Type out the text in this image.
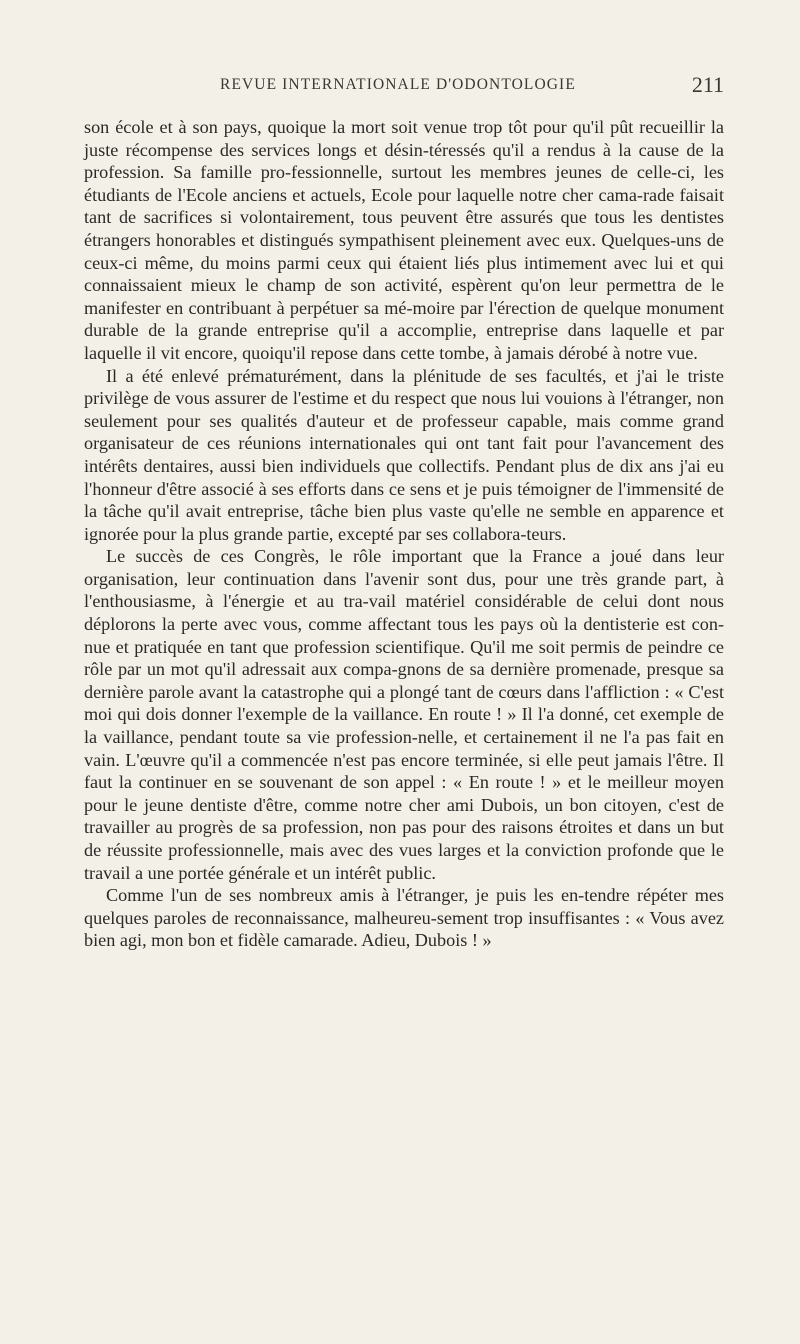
REVUE INTERNATIONALE D'ODONTOLOGIE	211

son école et à son pays, quoique la mort soit venue trop tôt pour qu'il pût recueillir la juste récompense des services longs et désin-téressés qu'il a rendus à la cause de la profession. Sa famille pro-fessionnelle, surtout les membres jeunes de celle-ci, les étudiants de l'Ecole anciens et actuels, Ecole pour laquelle notre cher cama-rade faisait tant de sacrifices si volontairement, tous peuvent être assurés que tous les dentistes étrangers honorables et distingués sympathisent pleinement avec eux. Quelques-uns de ceux-ci même, du moins parmi ceux qui étaient liés plus intimement avec lui et qui connaissaient mieux le champ de son activité, espèrent qu'on leur permettra de le manifester en contribuant à perpétuer sa mé-moire par l'érection de quelque monument durable de la grande entreprise qu'il a accomplie, entreprise dans laquelle et par laquelle il vit encore, quoiqu'il repose dans cette tombe, à jamais dérobé à notre vue.

Il a été enlevé prématurément, dans la plénitude de ses facultés, et j'ai le triste privilège de vous assurer de l'estime et du respect que nous lui vouions à l'étranger, non seulement pour ses qualités d'auteur et de professeur capable, mais comme grand organisateur de ces réunions internationales qui ont tant fait pour l'avancement des intérêts dentaires, aussi bien individuels que collectifs. Pendant plus de dix ans j'ai eu l'honneur d'être associé à ses efforts dans ce sens et je puis témoigner de l'immensité de la tâche qu'il avait entreprise, tâche bien plus vaste qu'elle ne semble en apparence et ignorée pour la plus grande partie, excepté par ses collabora-teurs.

Le succès de ces Congrès, le rôle important que la France a joué dans leur organisation, leur continuation dans l'avenir sont dus, pour une très grande part, à l'enthousiasme, à l'énergie et au tra-vail matériel considérable de celui dont nous déplorons la perte avec vous, comme affectant tous les pays où la dentisterie est con-nue et pratiquée en tant que profession scientifique. Qu'il me soit permis de peindre ce rôle par un mot qu'il adressait aux compa-gnons de sa dernière promenade, presque sa dernière parole avant la catastrophe qui a plongé tant de cœurs dans l'affliction : « C'est moi qui dois donner l'exemple de la vaillance. En route ! » Il l'a donné, cet exemple de la vaillance, pendant toute sa vie profession-nelle, et certainement il ne l'a pas fait en vain. L'œuvre qu'il a commencée n'est pas encore terminée, si elle peut jamais l'être. Il faut la continuer en se souvenant de son appel : « En route ! » et le meilleur moyen pour le jeune dentiste d'être, comme notre cher ami Dubois, un bon citoyen, c'est de travailler au progrès de sa profession, non pas pour des raisons étroites et dans un but de réussite professionnelle, mais avec des vues larges et la conviction profonde que le travail a une portée générale et un intérêt public.

Comme l'un de ses nombreux amis à l'étranger, je puis les en-tendre répéter mes quelques paroles de reconnaissance, malheureu-sement trop insuffisantes : « Vous avez bien agi, mon bon et fidèle camarade. Adieu, Dubois ! »
